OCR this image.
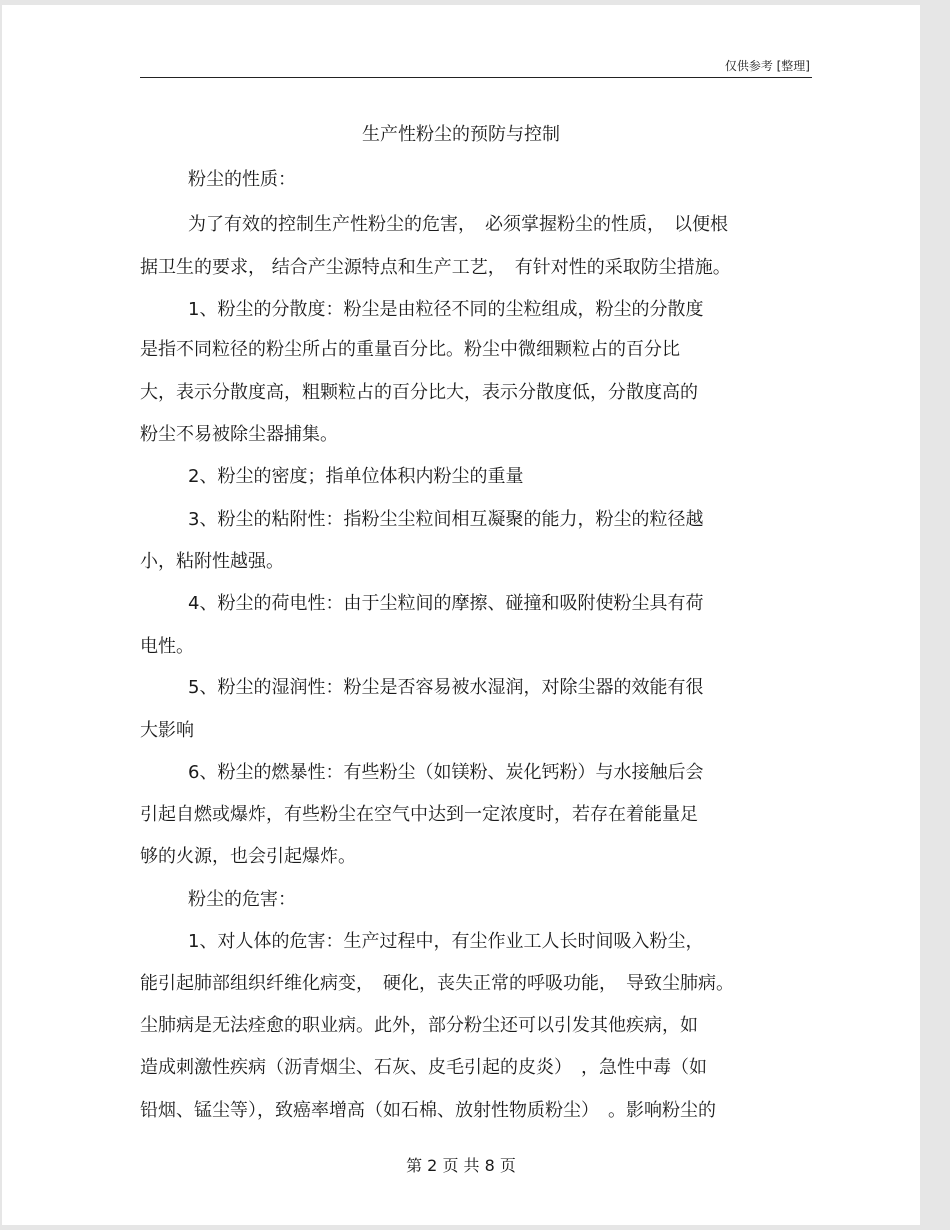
仅供参考 [整理]
生产性粉尘的预防与控制
粉尘的性质：
为了有效的控制生产性粉尘的危害，　必须掌握粉尘的性质，　以便根
据卫生的要求， 结合产尘源特点和生产工艺，　有针对性的采取防尘措施。
1、粉尘的分散度：粉尘是由粒径不同的尘粒组成，粉尘的分散度
是指不同粒径的粉尘所占的重量百分比。粉尘中微细颗粒占的百分比
大，表示分散度高，粗颗粒占的百分比大，表示分散度低，分散度高的
粉尘不易被除尘器捕集。
2、粉尘的密度；指单位体积内粉尘的重量
3、粉尘的粘附性：指粉尘尘粒间相互凝聚的能力，粉尘的粒径越
小，粘附性越强。
4、粉尘的荷电性：由于尘粒间的摩擦、碰撞和吸附使粉尘具有荷
电性。
5、粉尘的湿润性：粉尘是否容易被水湿润，对除尘器的效能有很
大影响
6、粉尘的燃暴性：有些粉尘（如镁粉、炭化钙粉）与水接触后会
引起自燃或爆炸，有些粉尘在空气中达到一定浓度时，若存在着能量足
够的火源，也会引起爆炸。
粉尘的危害：
1、对人体的危害：生产过程中，有尘作业工人长时间吸入粉尘，
能引起肺部组织纤维化病变，　硬化，丧失正常的呼吸功能，　导致尘肺病。
尘肺病是无法痊愈的职业病。此外，部分粉尘还可以引发其他疾病，如
造成刺激性疾病（沥青烟尘、石灰、皮毛引起的皮炎）　，急性中毒（如
铅烟、锰尘等），致癌率增高（如石棉、放射性物质粉尘）　。影响粉尘的
第 2 页 共 8 页
